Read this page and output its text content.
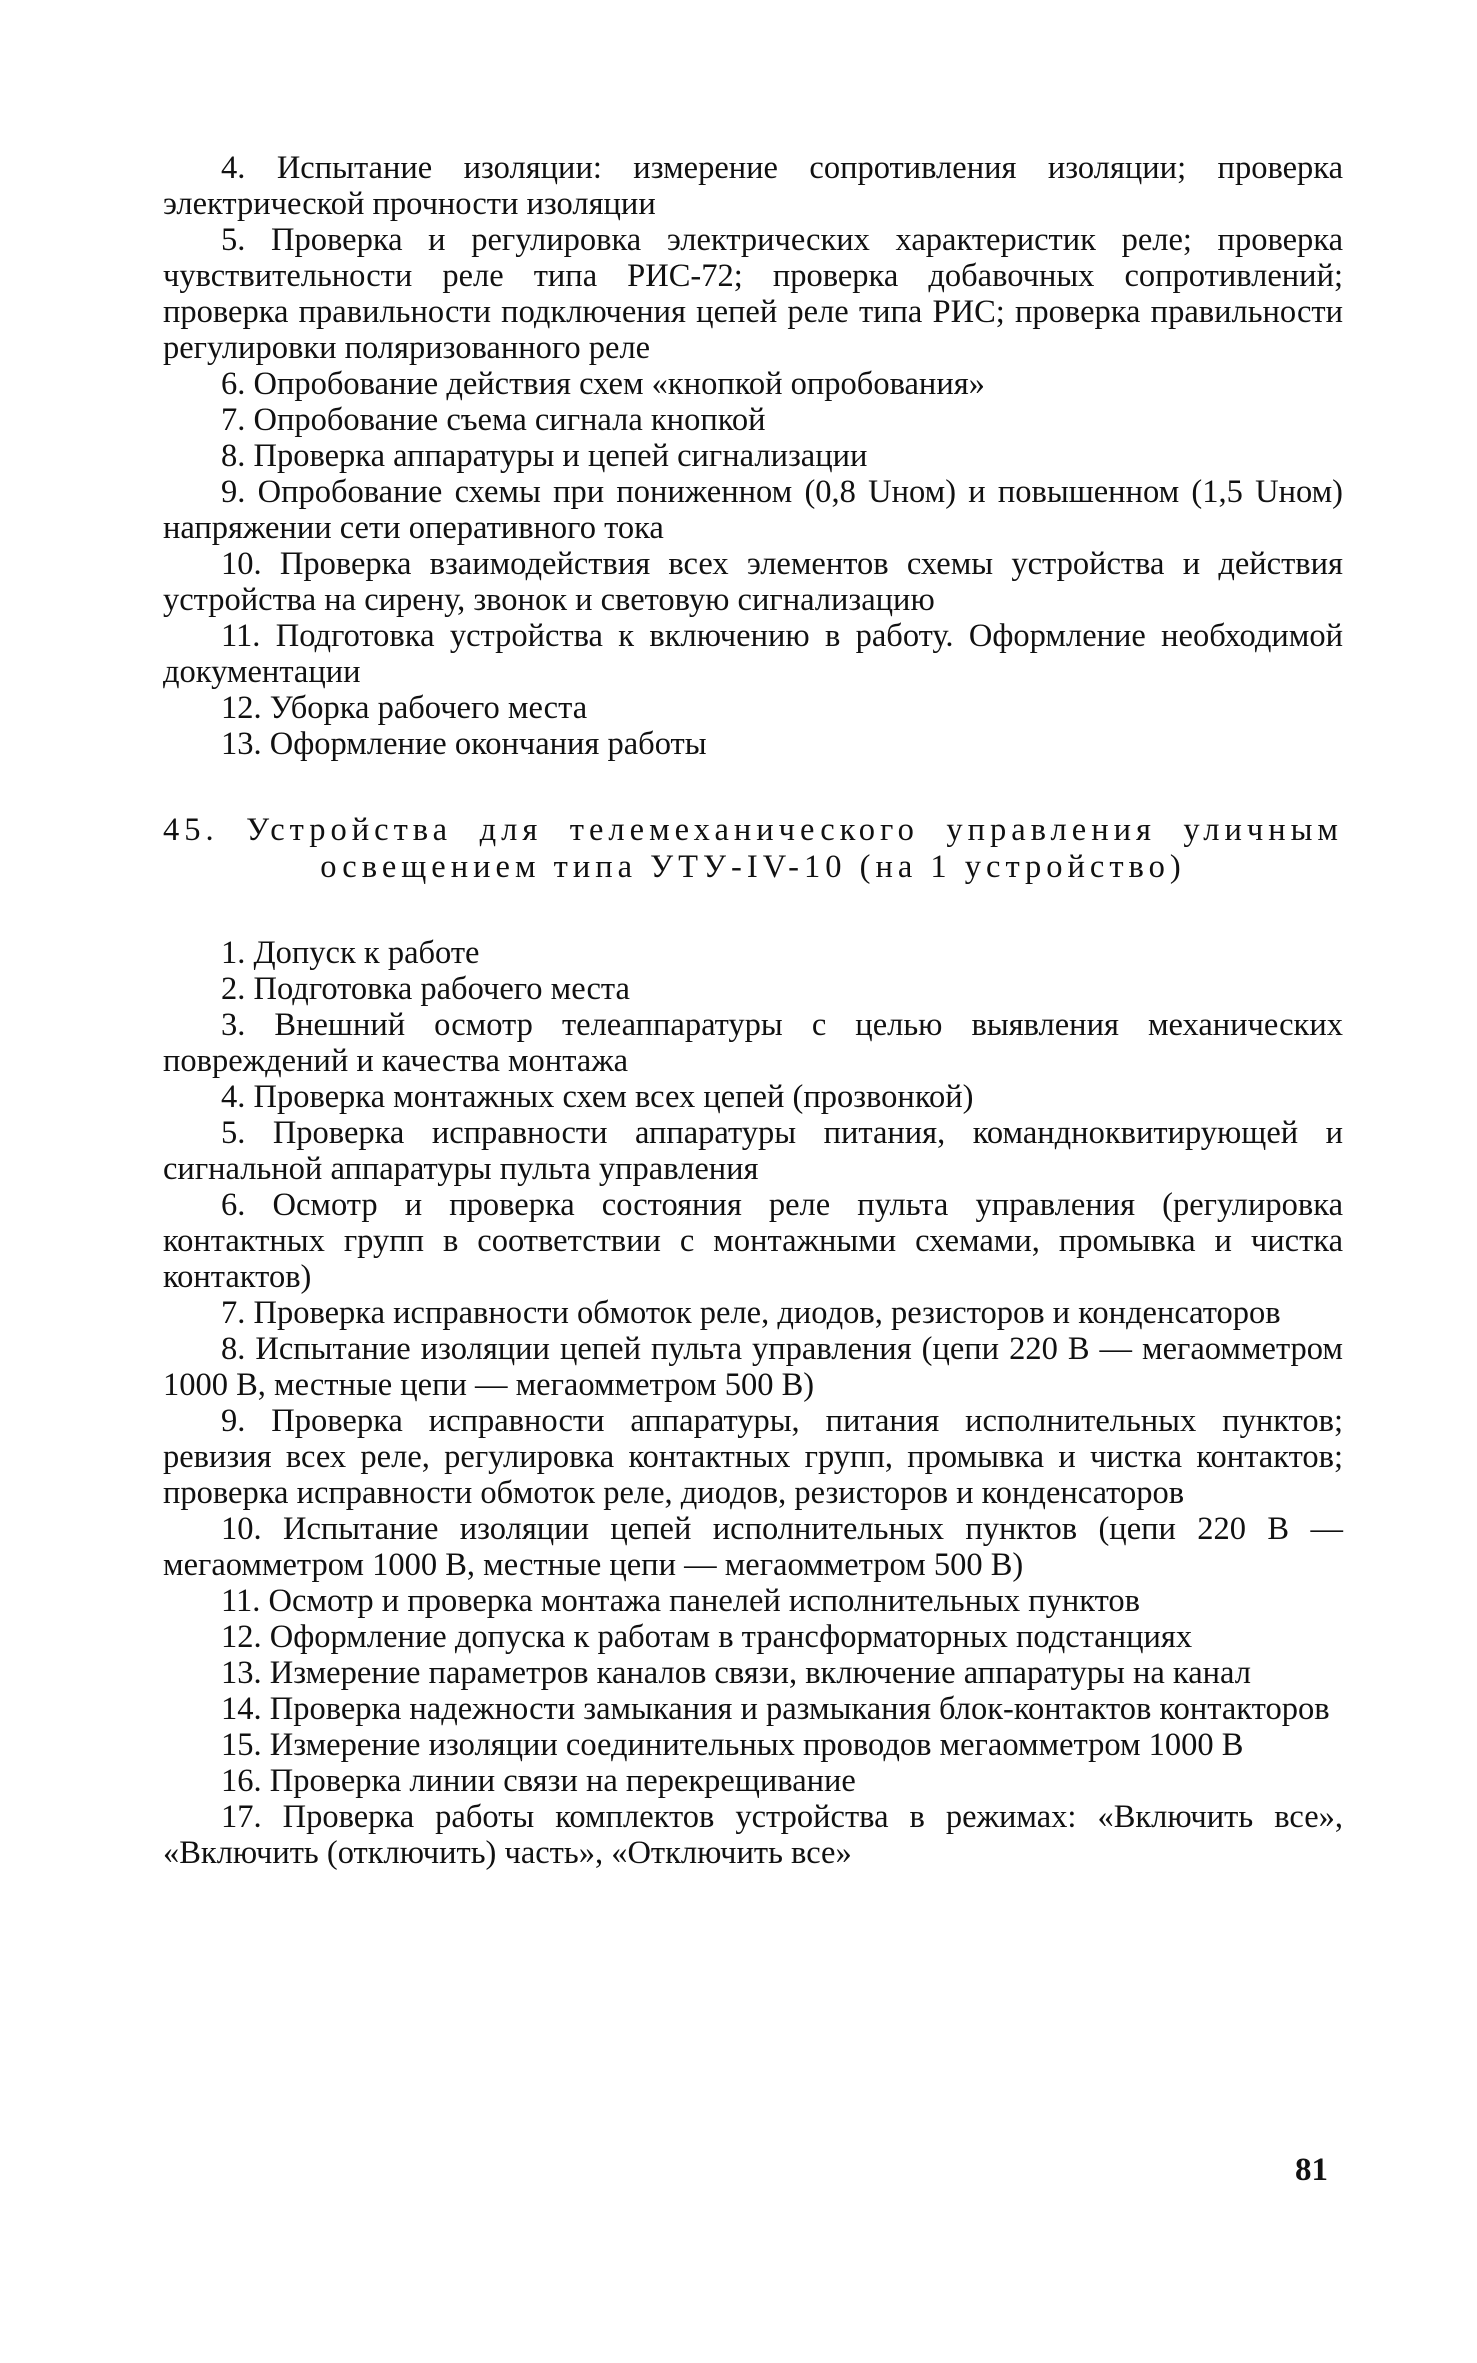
4. Испытание изоляции: измерение сопротивления изоляции; проверка электрической прочности изоляции

5. Проверка и регулировка электрических характеристик реле; проверка чувствительности реле типа РИС-72; проверка добавочных сопротивлений; проверка правильности подключения цепей реле типа РИС; проверка правильности регулировки поляризованного реле

6. Опробование действия схем «кнопкой опробования»

7. Опробование съема сигнала кнопкой

8. Проверка аппаратуры и цепей сигнализации

9. Опробование схемы при пониженном (0,8 Uном) и повышенном (1,5 Uном) напряжении сети оперативного тока

10. Проверка взаимодействия всех элементов схемы устройства и действия устройства на сирену, звонок и световую сигнализацию

11. Подготовка устройства к включению в работу. Оформление необходимой документации

12. Уборка рабочего места

13. Оформление окончания работы

45. Устройства для телемеханического управления уличным освещением типа УТУ-IV-10 (на 1 устройство)

1. Допуск к работе

2. Подготовка рабочего места

3. Внешний осмотр телеаппаратуры с целью выявления механических повреждений и качества монтажа

4. Проверка монтажных схем всех цепей (прозвонкой)

5. Проверка исправности аппаратуры питания, командноквитирующей и сигнальной аппаратуры пульта управления

6. Осмотр и проверка состояния реле пульта управления (регулировка контактных групп в соответствии с монтажными схемами, промывка и чистка контактов)

7. Проверка исправности обмоток реле, диодов, резисторов и конденсаторов

8. Испытание изоляции цепей пульта управления (цепи 220 В — мегаомметром 1000 В, местные цепи — мегаомметром 500 В)

9. Проверка исправности аппаратуры, питания исполнительных пунктов; ревизия всех реле, регулировка контактных групп, промывка и чистка контактов; проверка исправности обмоток реле, диодов, резисторов и конденсаторов

10. Испытание изоляции цепей исполнительных пунктов (цепи 220 В — мегаомметром 1000 В, местные цепи — мегаомметром 500 В)

11. Осмотр и проверка монтажа панелей исполнительных пунктов

12. Оформление допуска к работам в трансформаторных подстанциях

13. Измерение параметров каналов связи, включение аппаратуры на канал

14. Проверка надежности замыкания и размыкания блок-контактов контакторов

15. Измерение изоляции соединительных проводов мегаомметром 1000 В

16. Проверка линии связи на перекрещивание

17. Проверка работы комплектов устройства в режимах: «Включить все», «Включить (отключить) часть», «Отключить все»

81
